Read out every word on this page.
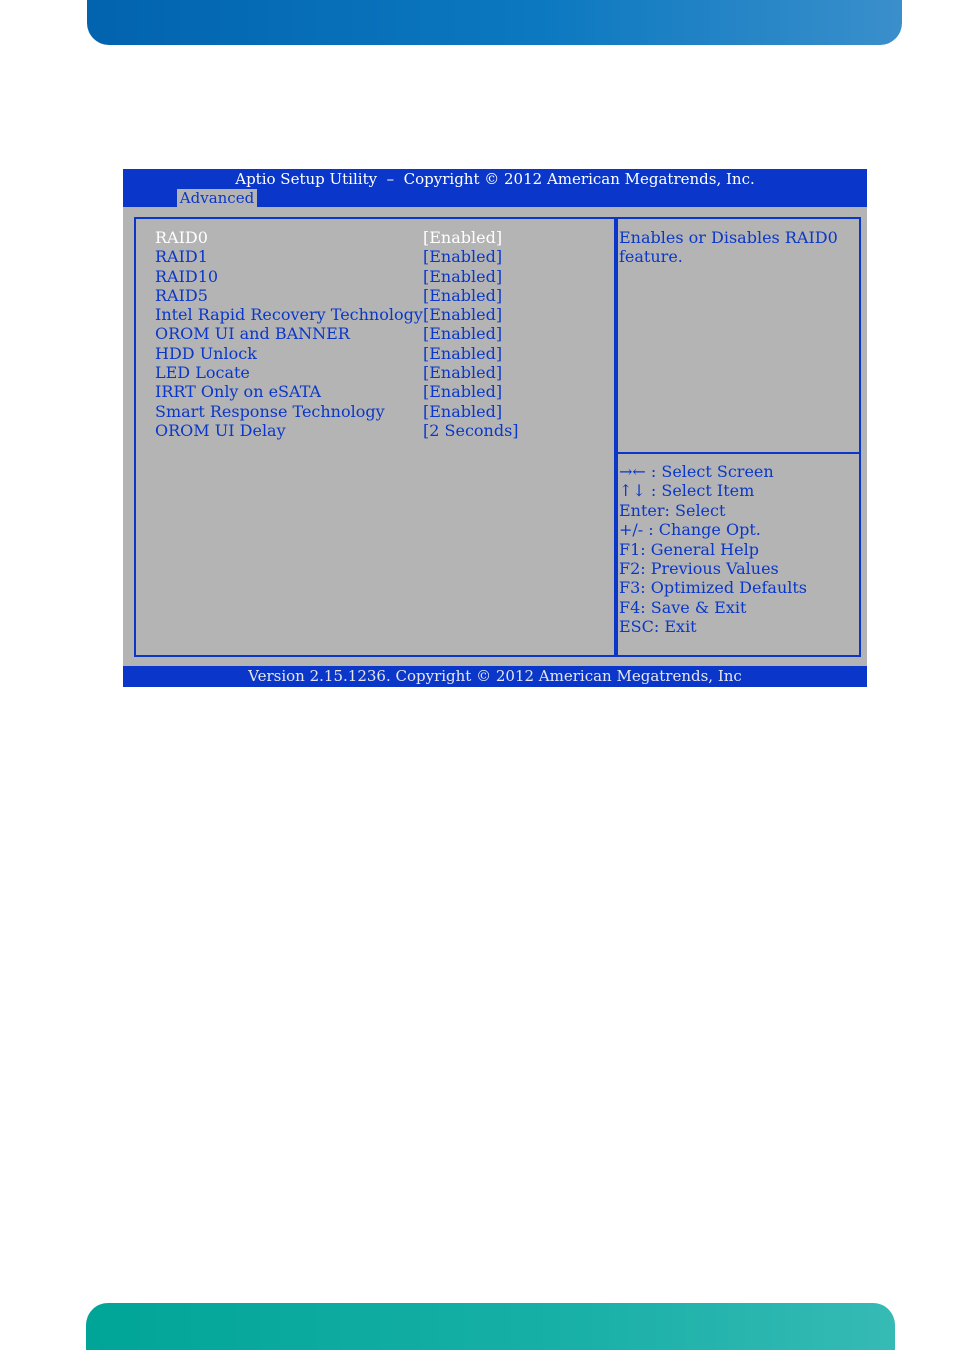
Aptio Setup Utility  –  Copyright © 2012 American Megatrends, Inc.
Advanced
RAID0	[Enabled]
RAID1	[Enabled]
RAID10	[Enabled]
RAID5	[Enabled]
Intel Rapid Recovery Technology [Enabled]
OROM UI and BANNER	[Enabled]
HDD Unlock	[Enabled]
LED Locate	[Enabled]
IRRT Only on eSATA	[Enabled]
Smart Response Technology [Enabled]
OROM UI Delay	[2 Seconds]
Enables or Disables RAID0 feature.
→← : Select Screen
↑↓ : Select Item
Enter: Select
+/- : Change Opt.
F1: General Help
F2: Previous Values
F3: Optimized Defaults
F4: Save & Exit
ESC: Exit
Version 2.15.1236. Copyright © 2012 American Megatrends, Inc
